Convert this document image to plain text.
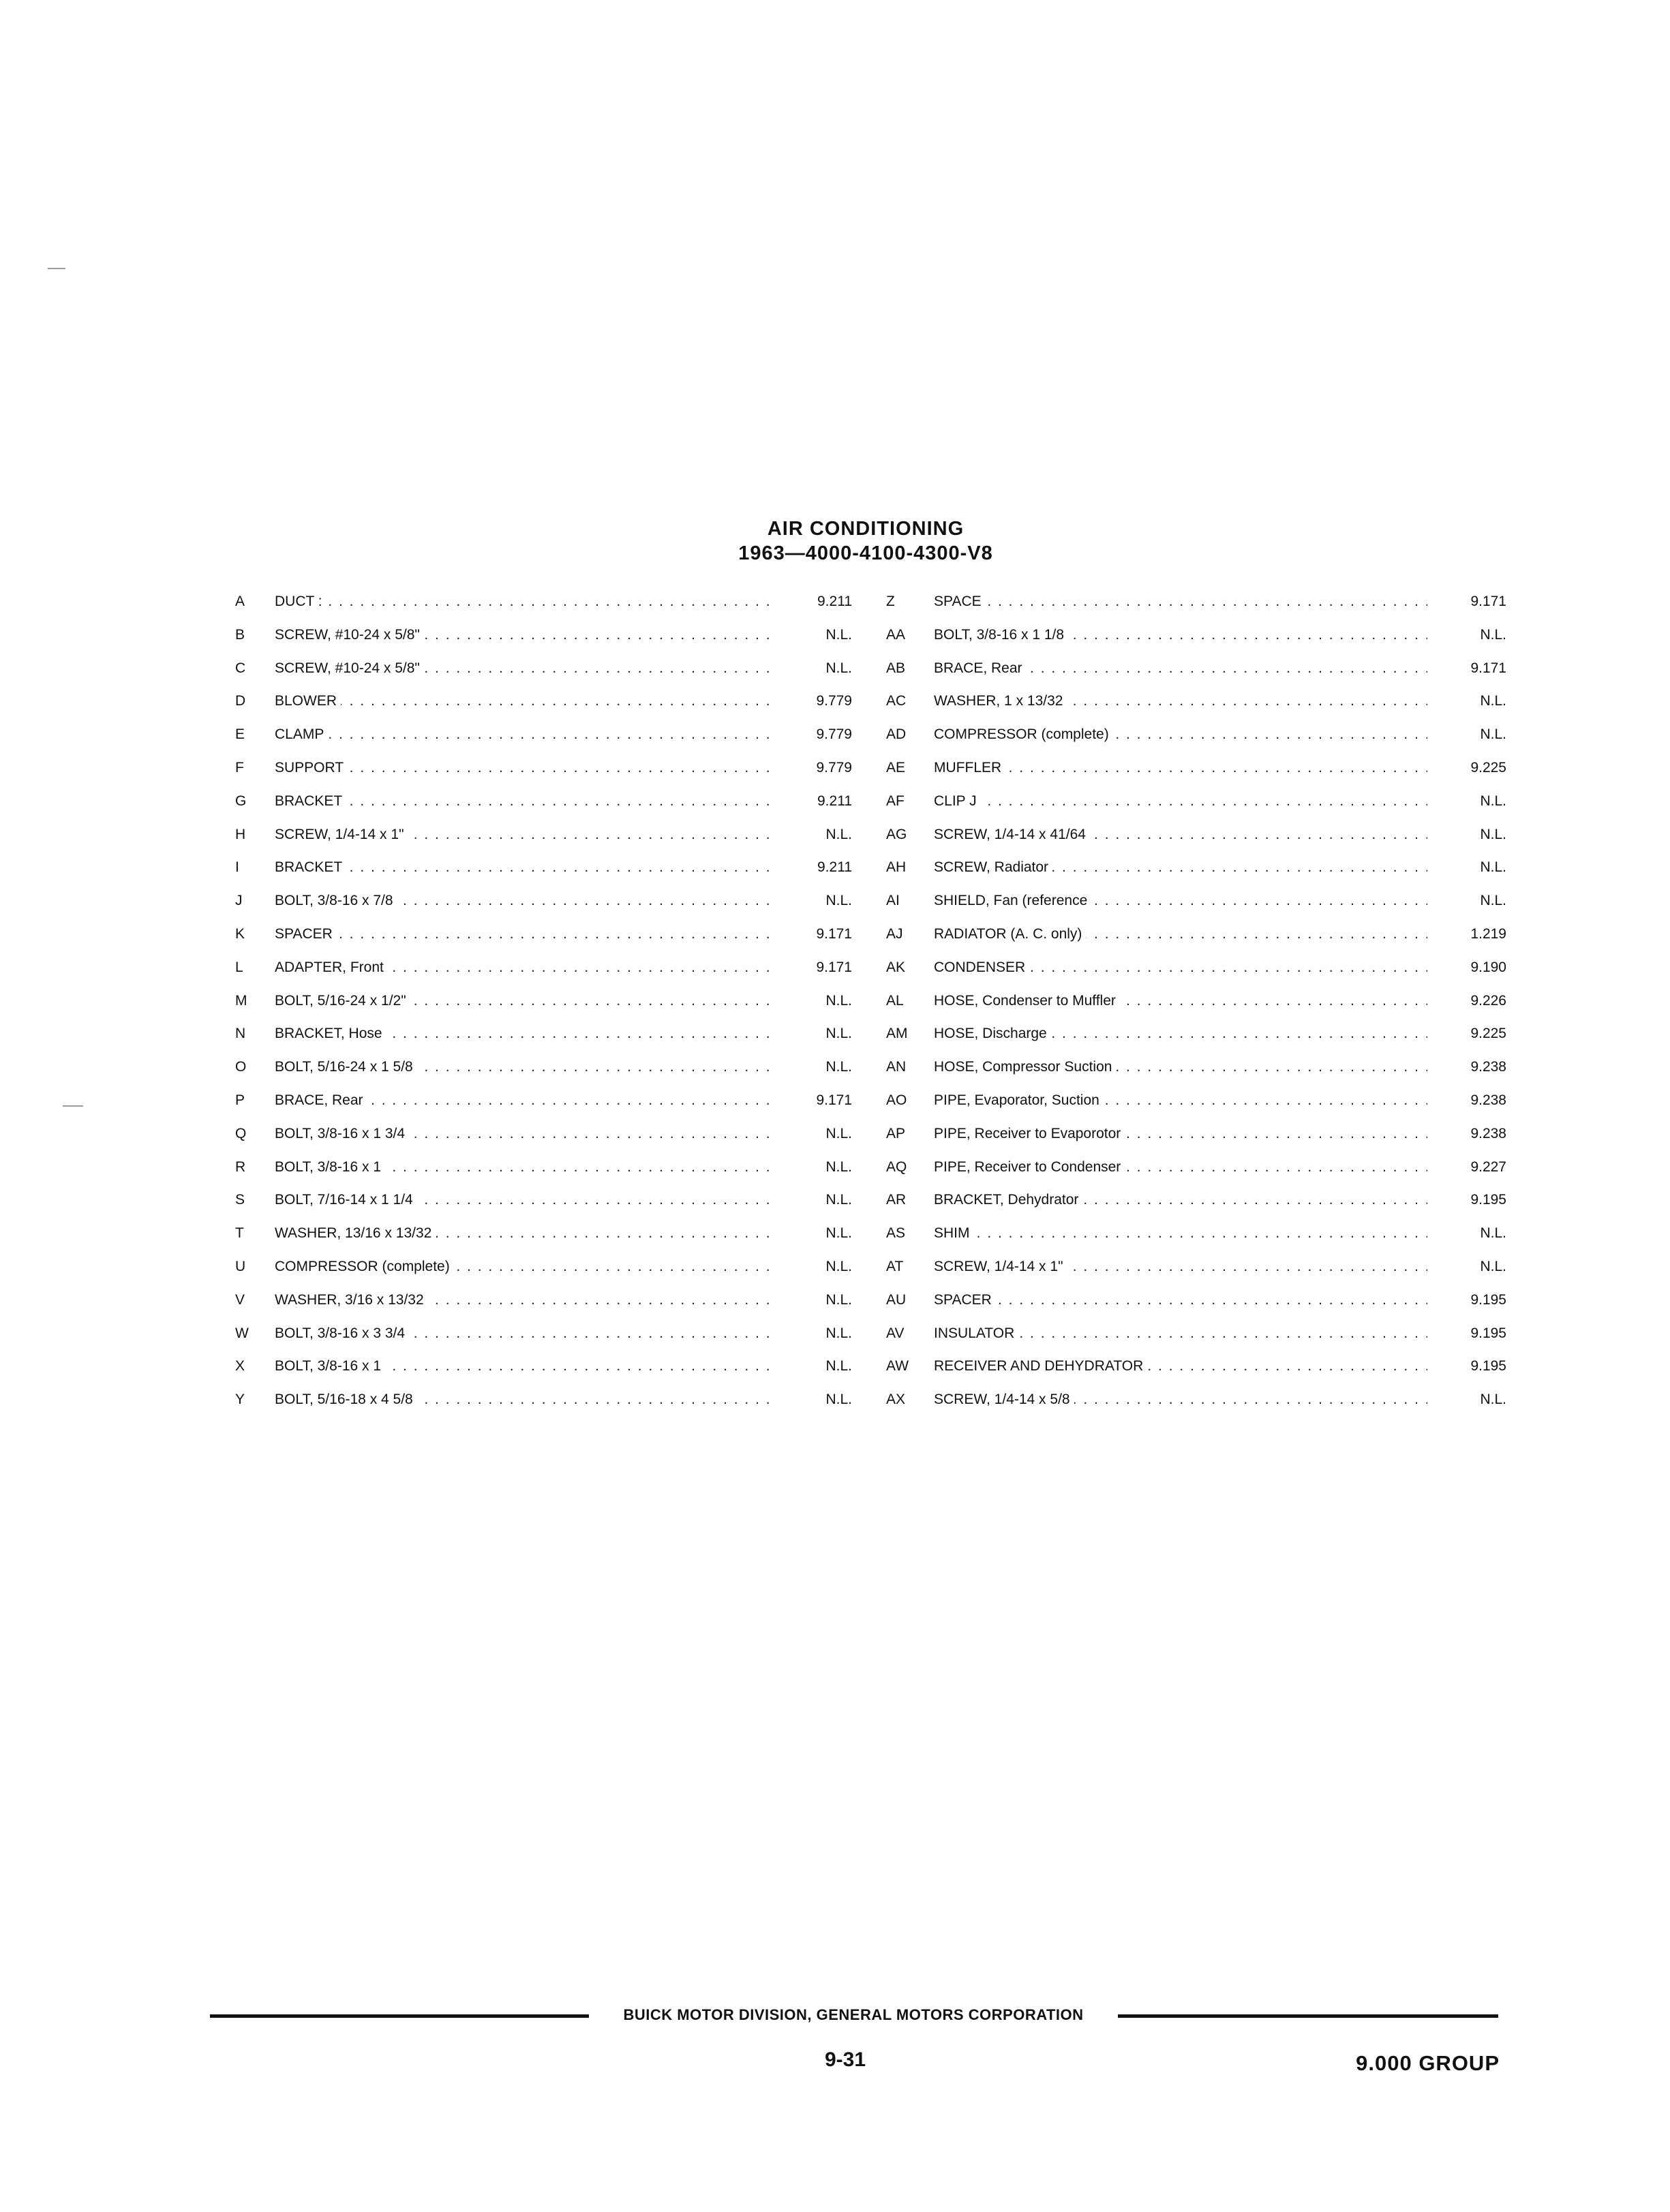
AIR CONDITIONING
1963—4000-4100-4300-V8
A	DUCT : . . .	9.211
B	SCREW, #10-24 x 5/8" . . .	N.L.
C	SCREW, #10-24 x 5/8" . . .	N.L.
D	BLOWER . . .	9.779
E	CLAMP . . .	9.779
F	SUPPORT . . .	9.779
G	BRACKET . . .	9.211
H	SCREW, 1/4-14 x 1" . . .	N.L.
I	BRACKET . . .	9.211
J	BOLT, 3/8-16 x 7/8 . . .	N.L.
K	SPACER . . .	9.171
L	ADAPTER, Front . . .	9.171
M	BOLT, 5/16-24 x 1/2" . . .	N.L.
N	BRACKET, Hose . . .	N.L.
O	BOLT, 5/16-24 x 1 5/8 . . .	N.L.
P	BRACE, Rear . . .	9.171
Q	BOLT, 3/8-16 x 1 3/4 . . .	N.L.
R	BOLT, 3/8-16 x 1 . . .	N.L.
S	BOLT, 7/16-14 x 1 1/4 . . .	N.L.
T	WASHER, 13/16 x 13/32 . . .	N.L.
U	COMPRESSOR (complete) . . .	N.L.
V	WASHER, 3/16 x 13/32 . . .	N.L.
W	BOLT, 3/8-16 x 3 3/4 . . .	N.L.
X	BOLT, 3/8-16 x 1 . . .	N.L.
Y	BOLT, 5/16-18 x 4 5/8 . . .	N.L.
Z	SPACE . . .	9.171
AA	BOLT, 3/8-16 x 1 1/8 . . .	N.L.
AB	BRACE, Rear . . .	9.171
AC	WASHER, 1 x 13/32 . . .	N.L.
AD	COMPRESSOR (complete) . . .	N.L.
AE	MUFFLER . . .	9.225
AF	CLIP J . . .	N.L.
AG	SCREW, 1/4-14 x 41/64 . . .	N.L.
AH	SCREW, Radiator . . .	N.L.
AI	SHIELD, Fan (reference . . .	N.L.
AJ	RADIATOR (A. C. only) . . .	1.219
AK	CONDENSER . . .	9.190
AL	HOSE, Condenser to Muffler . . .	9.226
AM	HOSE, Discharge . . .	9.225
AN	HOSE, Compressor Suction . . .	9.238
AO	PIPE, Evaporator, Suction . . .	9.238
AP	PIPE, Receiver to Evaporotor . . .	9.238
AQ	PIPE, Receiver to Condenser . . .	9.227
AR	BRACKET, Dehydrator . . .	9.195
AS	SHIM . . .	N.L.
AT	SCREW, 1/4-14 x 1" . . .	N.L.
AU	SPACER . . .	9.195
AV	INSULATOR . . .	9.195
AW	RECEIVER AND DEHYDRATOR . . .	9.195
AX	SCREW, 1/4-14 x 5/8 . . .	N.L.
BUICK MOTOR DIVISION, GENERAL MOTORS CORPORATION
9-31	9.000 GROUP
